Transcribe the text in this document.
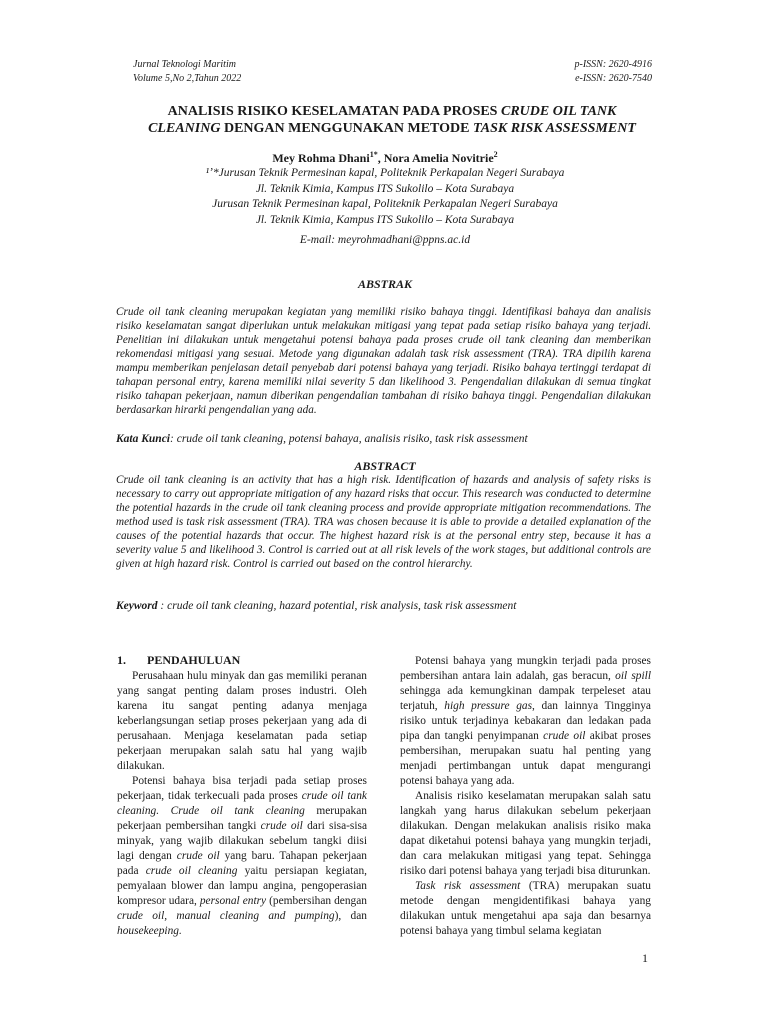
Jurnal Teknologi Maritim
Volume 5,No 2,Tahun 2022
p-ISSN: 2620-4916
e-ISSN: 2620-7540
ANALISIS RISIKO KESELAMATAN PADA PROSES CRUDE OIL TANK
CLEANING DENGAN MENGGUNAKAN METODE TASK RISK ASSESSMENT
Mey Rohma Dhani$^{1*}$, Nora Amelia Novitrie$^2$
¹ʼ*Jurusan Teknik Permesinan kapal, Politeknik Perkapalan Negeri Surabaya
Jl. Teknik Kimia, Kampus ITS Sukolilo – Kota Surabaya
Jurusan Teknik Permesinan kapal, Politeknik Perkapalan Negeri Surabaya
Jl. Teknik Kimia, Kampus ITS Sukolilo – Kota Surabaya
E-mail: meyrohmadhani@ppns.ac.id
ABSTRAK
Crude oil tank cleaning merupakan kegiatan yang memiliki risiko bahaya tinggi. Identifikasi bahaya dan analisis risiko keselamatan sangat diperlukan untuk melakukan mitigasi yang tepat pada setiap risiko bahaya yang terjadi. Penelitian ini dilakukan untuk mengetahui potensi bahaya pada proses crude oil tank cleaning dan memberikan rekomendasi mitigasi yang sesuai. Metode yang digunakan adalah task risk assessment (TRA). TRA dipilih karena mampu memberikan penjelasan detail penyebab dari potensi bahaya yang terjadi. Risiko bahaya tertinggi terdapat di tahapan personal entry, karena memiliki nilai severity 5 dan likelihood 3. Pengendalian dilakukan di semua tingkat risiko tahapan pekerjaan, namun diberikan pengendalian tambahan di risiko bahaya tinggi. Pengendalian dilakukan berdasarkan hirarki pengendalian yang ada.
Kata Kunci: crude oil tank cleaning, potensi bahaya, analisis risiko, task risk assessment
ABSTRACT
Crude oil tank cleaning is an activity that has a high risk. Identification of hazards and analysis of safety risks is necessary to carry out appropriate mitigation of any hazard risks that occur. This research was conducted to determine the potential hazards in the crude oil tank cleaning process and provide appropriate mitigation recommendations. The method used is task risk assessment (TRA). TRA was chosen because it is able to provide a detailed explanation of the causes of the potential hazards that occur. The highest hazard risk is at the personal entry step, because it has a severity value 5 and likelihood 3. Control is carried out at all risk levels of the work stages, but additional controls are given at high hazard risk. Control is carried out based on the control hierarchy.
Keyword : crude oil tank cleaning, hazard potential, risk analysis, task risk assessment
1. PENDAHULUAN

Perusahaan hulu minyak dan gas memiliki peranan yang sangat penting dalam proses industri. Oleh karena itu sangat penting adanya menjaga keberlangsungan setiap proses pekerjaan yang ada di perusahaan. Menjaga keselamatan pada setiap pekerjaan merupakan salah satu hal yang wajib dilakukan.

Potensi bahaya bisa terjadi pada setiap proses pekerjaan, tidak terkecuali pada proses crude oil tank cleaning. Crude oil tank cleaning merupakan pekerjaan pembersihan tangki crude oil dari sisa-sisa minyak, yang wajib dilakukan sebelum tangki diisi lagi dengan crude oil yang baru. Tahapan pekerjaan pada crude oil cleaning yaitu persiapan kegiatan, pemyalaan blower dan lampu angina, pengoperasian kompresor udara, personal entry (pembersihan dengan crude oil, manual cleaning and pumping), dan housekeeping.

Potensi bahaya yang mungkin terjadi pada proses pembersihan antara lain adalah, gas beracun, oil spill sehingga ada kemungkinan dampak terpeleset atau terjatuh, high pressure gas, dan lainnya Tingginya risiko untuk terjadinya kebakaran dan ledakan pada pipa dan tangki penyimpanan crude oil akibat proses pembersihan, merupakan suatu hal penting yang menjadi pertimbangan untuk dapat mengurangi potensi bahaya yang ada.

Analisis risiko keselamatan merupakan salah satu langkah yang harus dilakukan sebelum pekerjaan dilakukan. Dengan melakukan analisis risiko maka dapat diketahui potensi bahaya yang mungkin terjadi, dan cara melakukan mitigasi yang tepat. Sehingga risiko dari potensi bahaya yang terjadi bisa diturunkan.

Task risk assessment (TRA) merupakan suatu metode dengan mengidentifikasi bahaya yang dilakukan untuk mengetahui apa saja dan besarnya potensi bahaya yang timbul selama kegiatan

1
